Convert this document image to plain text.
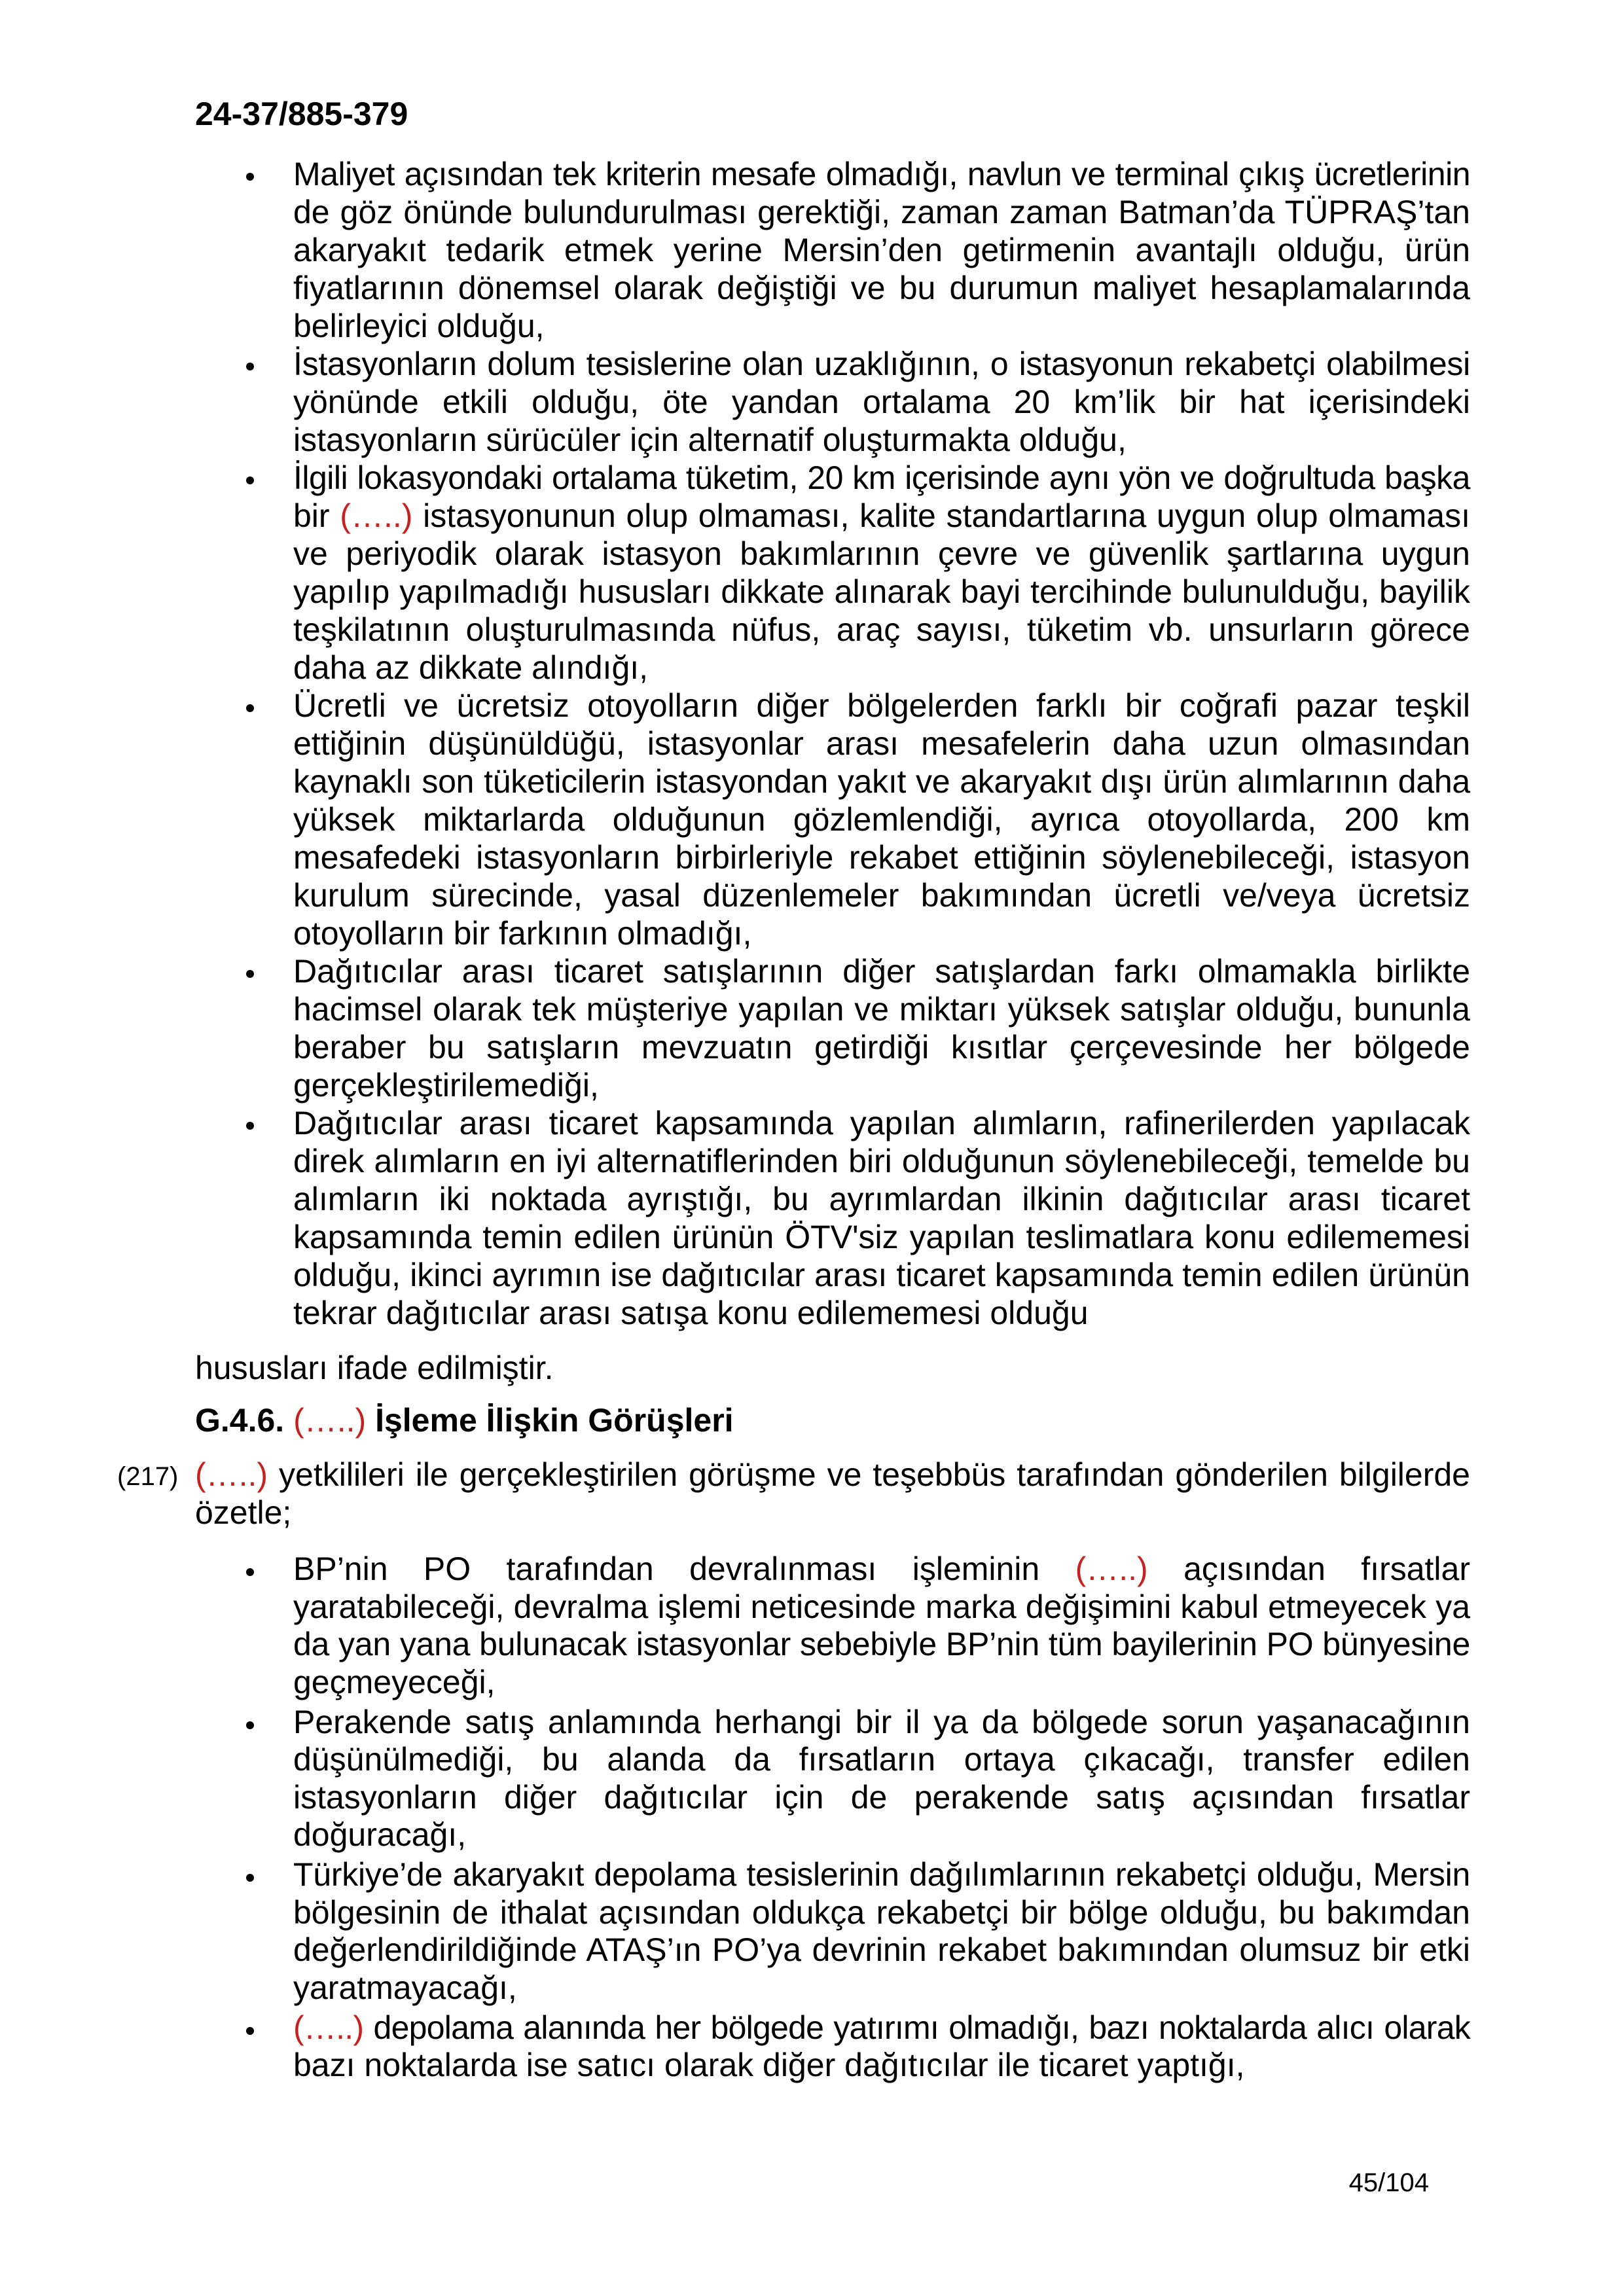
24-37/885-379
Maliyet açısından tek kriterin mesafe olmadığı, navlun ve terminal çıkış ücretlerinin
de göz önünde bulundurulması gerektiği, zaman zaman Batman’da TÜPRAŞ’tan
akaryakıt tedarik etmek yerine Mersin’den getirmenin avantajlı olduğu, ürün
fiyatlarının dönemsel olarak değiştiği ve bu durumun maliyet hesaplamalarında
belirleyici olduğu,
İstasyonların dolum tesislerine olan uzaklığının, o istasyonun rekabetçi olabilmesi
yönünde etkili olduğu, öte yandan ortalama 20 km’lik bir hat içerisindeki
istasyonların sürücüler için alternatif oluşturmakta olduğu,
İlgili lokasyondaki ortalama tüketim, 20 km içerisinde aynı yön ve doğrultuda başka
bir (…..) istasyonunun olup olmaması, kalite standartlarına uygun olup olmaması
ve periyodik olarak istasyon bakımlarının çevre ve güvenlik şartlarına uygun
yapılıp yapılmadığı hususları dikkate alınarak bayi tercihinde bulunulduğu, bayilik
teşkilatının oluşturulmasında nüfus, araç sayısı, tüketim vb. unsurların görece
daha az dikkate alındığı,
Ücretli ve ücretsiz otoyolların diğer bölgelerden farklı bir coğrafi pazar teşkil
ettiğinin düşünüldüğü, istasyonlar arası mesafelerin daha uzun olmasından
kaynaklı son tüketicilerin istasyondan yakıt ve akaryakıt dışı ürün alımlarının daha
yüksek miktarlarda olduğunun gözlemlendiği, ayrıca otoyollarda, 200 km
mesafedeki istasyonların birbirleriyle rekabet ettiğinin söylenebileceği, istasyon
kurulum sürecinde, yasal düzenlemeler bakımından ücretli ve/veya ücretsiz
otoyolların bir farkının olmadığı,
Dağıtıcılar arası ticaret satışlarının diğer satışlardan farkı olmamakla birlikte
hacimsel olarak tek müşteriye yapılan ve miktarı yüksek satışlar olduğu, bununla
beraber bu satışların mevzuatın getirdiği kısıtlar çerçevesinde her bölgede
gerçekleştirilemediği,
Dağıtıcılar arası ticaret kapsamında yapılan alımların, rafinerilerden yapılacak
direk alımların en iyi alternatiflerinden biri olduğunun söylenebileceği, temelde bu
alımların iki noktada ayrıştığı, bu ayrımlardan ilkinin dağıtıcılar arası ticaret
kapsamında temin edilen ürünün ÖTV'siz yapılan teslimatlara konu edilememesi
olduğu, ikinci ayrımın ise dağıtıcılar arası ticaret kapsamında temin edilen ürünün
tekrar dağıtıcılar arası satışa konu edilememesi olduğu
hususları ifade edilmiştir.
G.4.6. (…..) İşleme İlişkin Görüşleri
(217) (…..) yetkilileri ile gerçekleştirilen görüşme ve teşebbüs tarafından gönderilen bilgilerde
özetle;
BP’nin PO tarafından devralınması işleminin (…..) açısından fırsatlar
yaratabileceği, devralma işlemi neticesinde marka değişimini kabul etmeyecek ya
da yan yana bulunacak istasyonlar sebebiyle BP’nin tüm bayilerinin PO bünyesine
geçmeyeceği,
Perakende satış anlamında herhangi bir il ya da bölgede sorun yaşanacağının
düşünülmediği, bu alanda da fırsatların ortaya çıkacağı, transfer edilen
istasyonların diğer dağıtıcılar için de perakende satış açısından fırsatlar
doğuracağı,
Türkiye’de akaryakıt depolama tesislerinin dağılımlarının rekabetçi olduğu, Mersin
bölgesinin de ithalat açısından oldukça rekabetçi bir bölge olduğu, bu bakımdan
değerlendirildiğinde ATAŞ’ın PO’ya devrinin rekabet bakımından olumsuz bir etki
yaratmayacağı,
(…..) depolama alanında her bölgede yatırımı olmadığı, bazı noktalarda alıcı olarak
bazı noktalarda ise satıcı olarak diğer dağıtıcılar ile ticaret yaptığı,
45/104
